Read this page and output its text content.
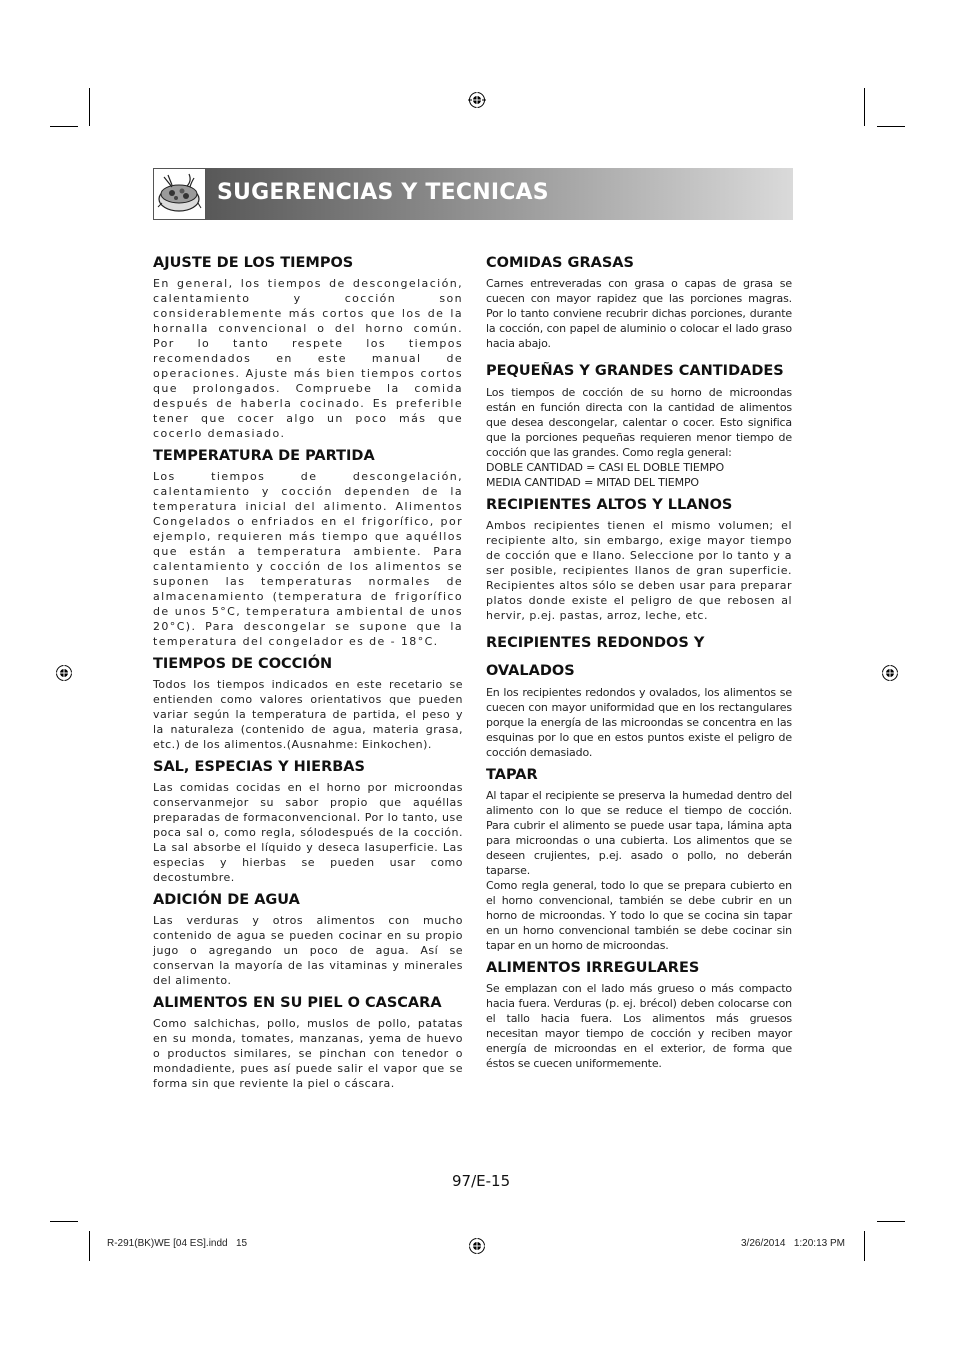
SUGERENCIAS Y TECNICAS
AJUSTE DE LOS TIEMPOS

En general, los tiempos de descongelación, calentamiento y cocción son considerablemente más cortos que los de la hornalla convencional o del horno común. Por lo tanto respete los tiempos recomendados en este manual de operaciones. Ajuste más bien tiempos cortos que prolongados. Compruebe la comida después de haberla cocinado. Es preferible tener que cocer algo un poco más que cocerlo demasiado.

TEMPERATURA DE PARTIDA

Los tiempos de descongelación, calentamiento y cocción dependen de la temperatura inicial del alimento. Alimentos Congelados o enfriados en el frigorífico, por ejemplo, requieren más tiempo que aquéllos que están a temperatura ambiente. Para calentamiento y cocción de los alimentos se suponen las temperaturas normales de almacenamiento (temperatura de frigorífico de unos 5°C, temperatura ambiental de unos 20°C). Para descongelar se supone que la temperatura del congelador es de - 18°C.

TIEMPOS DE COCCIÓN

Todos los tiempos indicados en este recetario se entienden como valores orientativos que pueden variar según la temperatura de partida, el peso y la naturaleza (contenido de agua, materia grasa, etc.) de los alimentos.(Ausnahme: Einkochen).

SAL, ESPECIAS Y HIERBAS

Las comidas cocidas en el horno por microondas conservanmejor su sabor propio que aquéllas preparadas de formaconvencional. Por lo tanto, use poca sal o, como regla, sólodespués de la cocción. La sal absorbe el líquido y deseca lasuperficie. Las especias y hierbas se pueden usar como decostumbre.

ADICIÓN DE AGUA

Las verduras y otros alimentos con mucho contenido de agua se pueden cocinar en su propio jugo o agregando un poco de agua. Así se conservan la mayoría de las vitaminas y minerales del alimento.

ALIMENTOS EN SU PIEL O CASCARA

Como salchichas, pollo, muslos de pollo, patatas en su monda, tomates, manzanas, yema de huevo o productos similares, se pinchan con tenedor o mondadiente, pues así puede salir el vapor que se forma sin que reviente la piel o cáscara.

COMIDAS GRASAS

Carnes entreveradas con grasa o capas de grasa se cuecen con mayor rapidez que las porciones magras. Por lo tanto conviene recubrir dichas porciones, durante la cocción, con papel de aluminio o colocar el lado graso hacia abajo.

PEQUEÑAS Y GRANDES CANTIDADES

Los tiempos de cocción de su horno de microondas están en función directa con la cantidad de alimentos que desea descongelar, calentar o cocer. Esto significa que la porciones pequeñas requieren menor tiempo de cocción que las grandes. Como regla general:

DOBLE CANTIDAD = CASI EL DOBLE TIEMPO

MEDIA CANTIDAD = MITAD DEL TIEMPO

RECIPIENTES ALTOS Y LLANOS

Ambos recipientes tienen el mismo volumen; el recipiente alto, sin embargo, exige mayor tiempo de cocción que e llano. Seleccione por lo tanto y a ser posible, recipientes llanos de gran superficie. Recipientes altos sólo se deben usar para preparar platos donde existe el peligro de que rebosen al hervir, p.ej. pastas, arroz, leche, etc.

RECIPIENTES REDONDOS Y OVALADOS

En los recipientes redondos y ovalados, los alimentos se cuecen con mayor uniformidad que en los rectangulares porque la energía de las microondas se concentra en las esquinas por lo que en estos puntos existe el peligro de cocción demasiado.

TAPAR

Al tapar el recipiente se preserva la humedad dentro del alimento con lo que se reduce el tiempo de cocción. Para cubrir el alimento se puede usar tapa, lámina apta para microondas o una cubierta. Los alimentos que se deseen crujientes, p.ej. asado o pollo, no deberán taparse.

Como regla general, todo lo que se prepara cubierto en el horno convencional, también se debe cubrir en un horno de microondas. Y todo lo que se cocina sin tapar en un horno convencional también se debe cocinar sin tapar en un horno de microondas.

ALIMENTOS IRREGULARES

Se emplazan con el lado más grueso o más compacto hacia fuera. Verduras (p. ej. brécol) deben colocarse con el tallo hacia fuera. Los alimentos más gruesos necesitan mayor tiempo de cocción y reciben mayor energía de microondas en el exterior, de forma que éstos se cuecen uniformemente.

97/E-15
R-291(BK)WE [04 ES].indd   15	3/26/2014   1:20:13 PM
